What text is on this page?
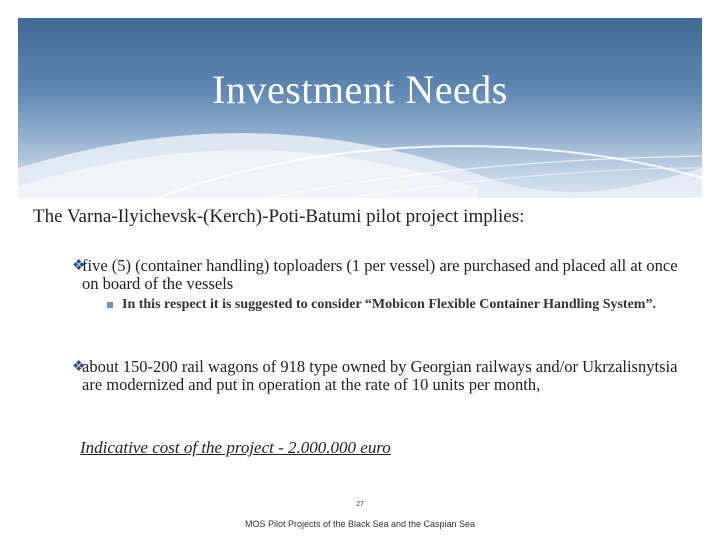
Investment Needs
The Varna-Ilyichevsk-(Kerch)-Poti-Batumi pilot project implies:
❖
five (5) (container handling) toploaders (1 per vessel) are purchased and placed all at once on board of the vessels
In this respect it is suggested to consider “Mobicon Flexible Container Handling System”.
❖
about 150-200 rail wagons of 918 type owned by Georgian railways and/or Ukrzalisnytsia are modernized and put in operation at the rate of 10 units per month,
Indicative cost of the project - 2.000.000 euro
27
MOS Pilot Projects of the Black Sea and the Caspian Sea
